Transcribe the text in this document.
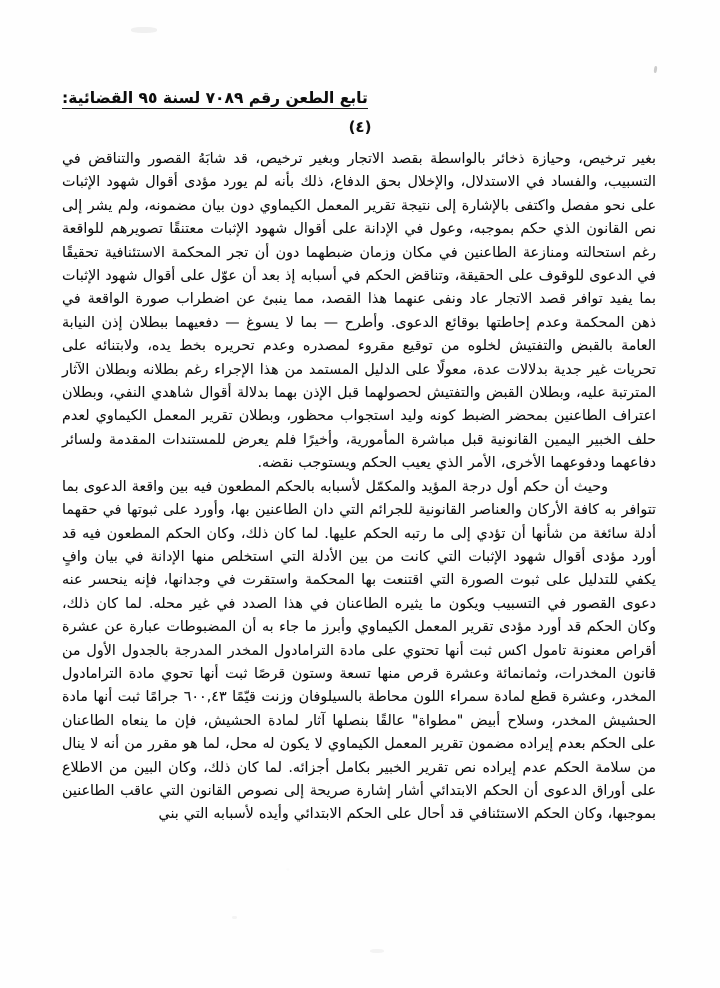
تابع الطعن رقم ٧٠٨٩ لسنة ٩٥ القضائية:
(٤)

بغير ترخيص، وحيازة ذخائر بالواسطة بقصد الاتجار وبغير ترخيص، قد شابَهُ القصور والتناقض في التسبيب، والفساد في الاستدلال، والإخلال بحق الدفاع، ذلك بأنه لم يورد مؤدى أقوال شهود الإثبات على نحو مفصل واكتفى بالإشارة إلى نتيجة تقرير المعمل الكيماوي دون بيان مضمونه، ولم يشر إلى نص القانون الذي حكم بموجبه، وعول في الإدانة على أقوال شهود الإثبات معتنقًا تصويرهم للواقعة رغم استحالته ومنازعة الطاعنين في مكان وزمان ضبطهما دون أن تجر المحكمة الاستئنافية تحقيقًا في الدعوى للوقوف على الحقيقة، وتناقض الحكم في أسبابه إذ بعد أن عوّل على أقوال شهود الإثبات بما يفيد توافر قصد الاتجار عاد ونفى عنهما هذا القصد، مما ينبئ عن اضطراب صورة الواقعة في ذهن المحكمة وعدم إحاطتها بوقائع الدعوى. وأطرح — بما لا يسوغ — دفعيهما ببطلان إذن النيابة العامة بالقبض والتفتيش لخلوه من توقيع مقروء لمصدره وعدم تحريره بخط يده، ولابتنائه على تحريات غير جدية بدلالات عدة، معولًا على الدليل المستمد من هذا الإجراء رغم بطلانه وبطلان الآثار المترتبة عليه، وبطلان القبض والتفتيش لحصولهما قبل الإذن بهما بدلالة أقوال شاهدي النفي، وبطلان اعتراف الطاعنين بمحضر الضبط كونه وليد استجواب محظور، وبطلان تقرير المعمل الكيماوي لعدم حلف الخبير اليمين القانونية قبل مباشرة المأمورية، وأخيرًا فلم يعرض للمستندات المقدمة ولسائر دفاعهما ودفوعهما الأخرى، الأمر الذي يعيب الحكم ويستوجب نقضه.

وحيث أن حكم أول درجة المؤيد والمكمّل لأسبابه بالحكم المطعون فيه بين واقعة الدعوى بما تتوافر به كافة الأركان والعناصر القانونية للجرائم التي دان الطاعنين بها، وأورد على ثبوتها في حقهما أدلة سائغة من شأنها أن تؤدي إلى ما رتبه الحكم عليها. لما كان ذلك، وكان الحكم المطعون فيه قد أورد مؤدى أقوال شهود الإثبات التي كانت من بين الأدلة التي استخلص منها الإدانة في بيان وافٍ يكفي للتدليل على ثبوت الصورة التي اقتنعت بها المحكمة واستقرت في وجدانها، فإنه ينحسر عنه دعوى القصور في التسبيب ويكون ما يثيره الطاعنان في هذا الصدد في غير محله. لما كان ذلك، وكان الحكم قد أورد مؤدى تقرير المعمل الكيماوي وأبرز ما جاء به أن المضبوطات عبارة عن عشرة أقراص معنونة تامول اكس ثبت أنها تحتوي على مادة الترامادول المخدر المدرجة بالجدول الأول من قانون المخدرات، وثمانمائة وعشرة قرص منها تسعة وستون قرصًا ثبت أنها تحوي مادة الترامادول المخدر، وعشرة قطع لمادة سمراء اللون محاطة بالسيلوفان وزنت قيّمًا ٦٠٠,٤٣ جرامًا ثبت أنها مادة الحشيش المخدر، وسلاح أبيض "مطواة" عالقًا بنصلها آثار لمادة الحشيش، فإن ما ينعاه الطاعنان على الحكم بعدم إيراده مضمون تقرير المعمل الكيماوي لا يكون له محل، لما هو مقرر من أنه لا ينال من سلامة الحكم عدم إيراده نص تقرير الخبير بكامل أجزائه. لما كان ذلك، وكان البين من الاطلاع على أوراق الدعوى أن الحكم الابتدائي أشار إشارة صريحة إلى نصوص القانون التي عاقب الطاعنين بموجبها، وكان الحكم الاستئنافي قد أحال على الحكم الابتدائي وأيده لأسبابه التي بني
